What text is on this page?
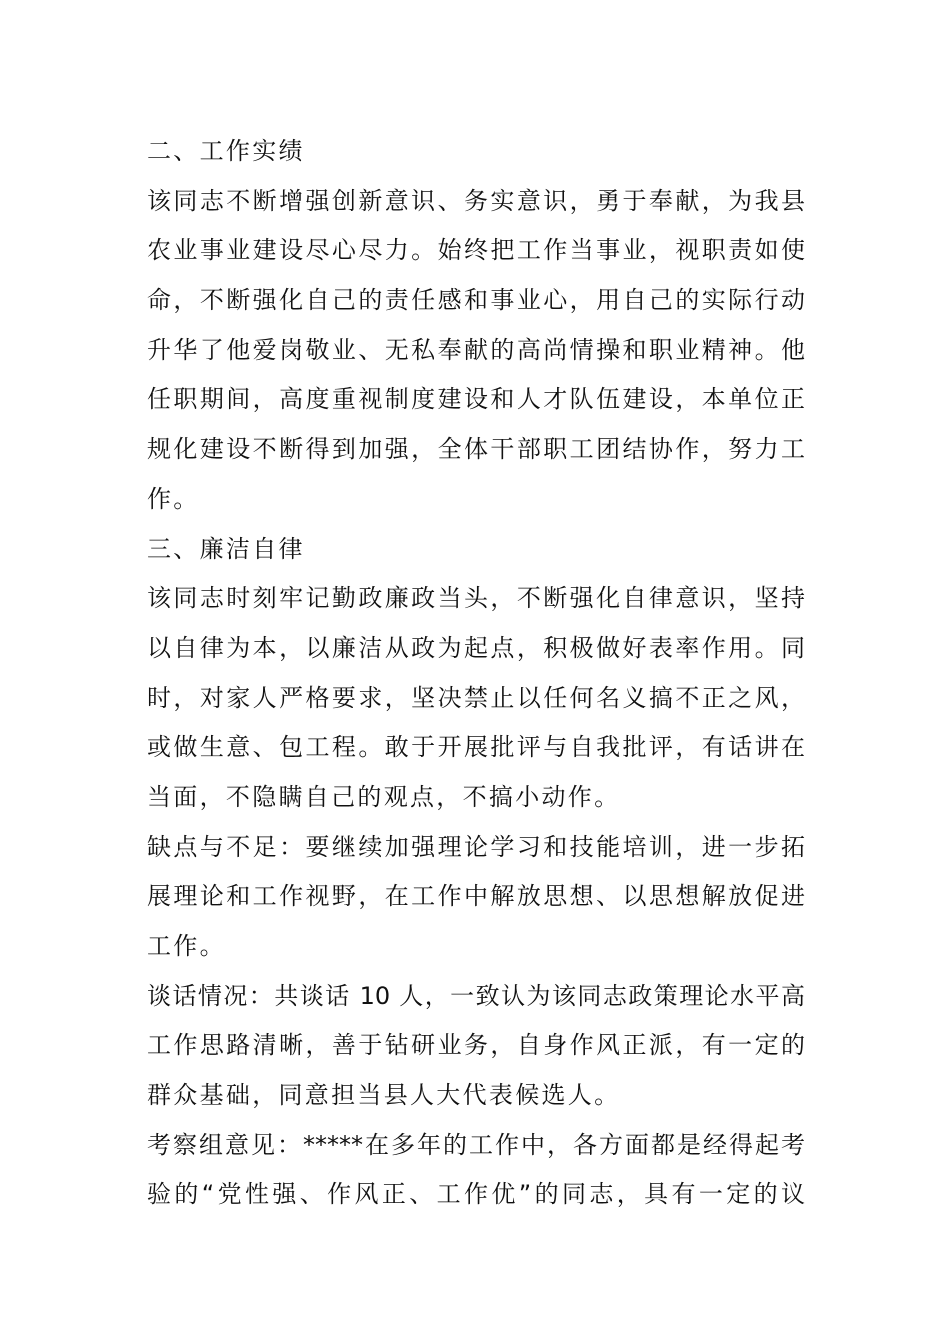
二、工作实绩
该同志不断增强创新意识、务实意识，勇于奉献，为我县
农业事业建设尽心尽力。始终把工作当事业，视职责如使
命，不断强化自己的责任感和事业心，用自己的实际行动
升华了他爱岗敬业、无私奉献的高尚情操和职业精神。他
任职期间，高度重视制度建设和人才队伍建设，本单位正
规化建设不断得到加强，全体干部职工团结协作，努力工
作。
三、廉洁自律
该同志时刻牢记勤政廉政当头，不断强化自律意识，坚持
以自律为本，以廉洁从政为起点，积极做好表率作用。同
时，对家人严格要求，坚决禁止以任何名义搞不正之风，
或做生意、包工程。敢于开展批评与自我批评，有话讲在
当面，不隐瞒自己的观点，不搞小动作。
缺点与不足：要继续加强理论学习和技能培训，进一步拓
展理论和工作视野，在工作中解放思想、以思想解放促进
工作。
谈话情况：共谈话 10 人，一致认为该同志政策理论水平高
工作思路清晰，善于钻研业务，自身作风正派，有一定的
群众基础，同意担当县人大代表候选人。
考察组意见：*****在多年的工作中，各方面都是经得起考
验的“党性强、作风正、工作优”的同志，具有一定的议
